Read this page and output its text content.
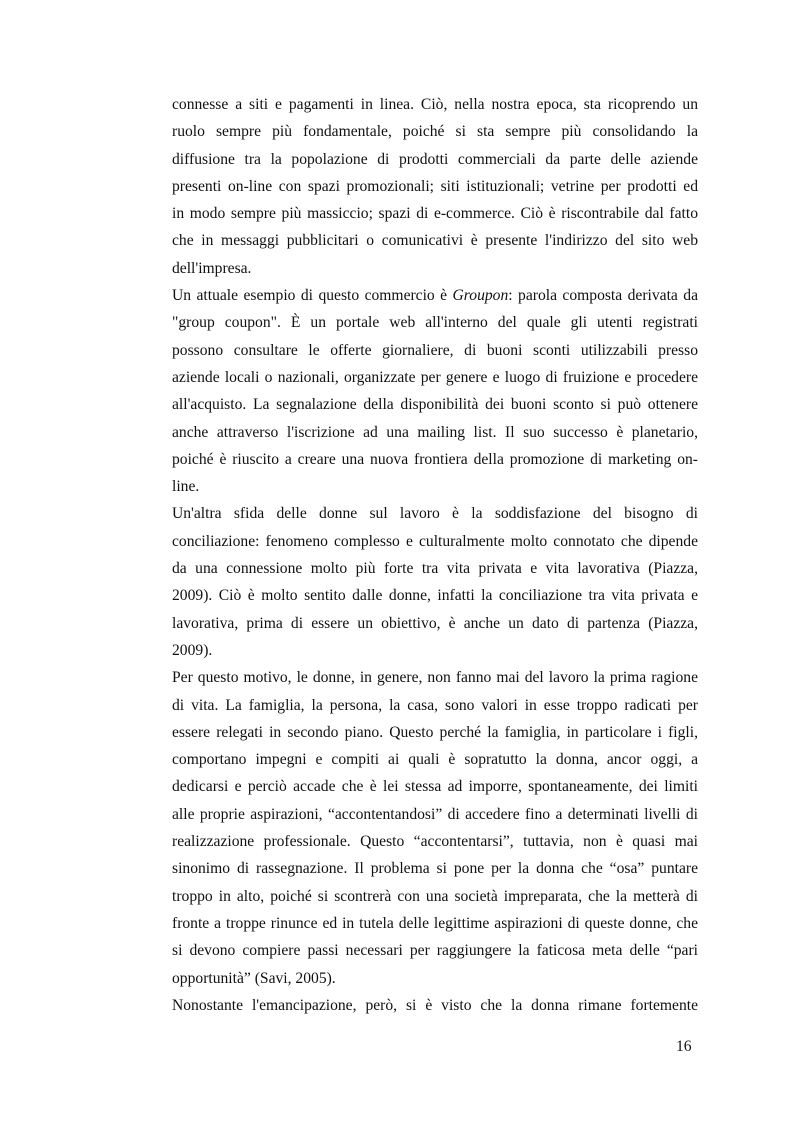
connesse a siti e pagamenti in linea. Ciò, nella nostra epoca, sta ricoprendo un
ruolo sempre più fondamentale, poiché si sta sempre più consolidando la
diffusione tra la popolazione di prodotti commerciali da parte delle aziende
presenti on-line con spazi promozionali; siti istituzionali; vetrine per prodotti ed
in modo sempre più massiccio; spazi di e-commerce. Ciò è riscontrabile dal fatto
che in messaggi pubblicitari o comunicativi è presente l'indirizzo del sito web
dell'impresa.
Un attuale esempio di questo commercio è Groupon: parola composta derivata da
"group coupon". È un portale web all'interno del quale gli utenti registrati
possono consultare le offerte giornaliere, di buoni sconti utilizzabili presso
aziende locali o nazionali, organizzate per genere e luogo di fruizione e procedere
all'acquisto. La segnalazione della disponibilità dei buoni sconto si può ottenere
anche attraverso l'iscrizione ad una mailing list. Il suo successo è planetario,
poiché è riuscito a creare una nuova frontiera della promozione di marketing on-
line.
Un'altra sfida delle donne sul lavoro è la soddisfazione del bisogno di
conciliazione: fenomeno complesso e culturalmente molto connotato che dipende
da una connessione molto più forte tra vita privata e vita lavorativa (Piazza,
2009). Ciò è molto sentito dalle donne, infatti la conciliazione tra vita privata e
lavorativa, prima di essere un obiettivo, è anche un dato di partenza (Piazza,
2009).
Per questo motivo, le donne, in genere, non fanno mai del lavoro la prima ragione
di vita. La famiglia, la persona, la casa, sono valori in esse troppo radicati per
essere relegati in secondo piano. Questo perché la famiglia, in particolare i figli,
comportano impegni e compiti ai quali è sopratutto la donna, ancor oggi, a
dedicarsi e perciò accade che è lei stessa ad imporre, spontaneamente, dei limiti
alle proprie aspirazioni, “accontentandosi” di accedere fino a determinati livelli di
realizzazione professionale. Questo “accontentarsi”, tuttavia, non è quasi mai
sinonimo di rassegnazione. Il problema si pone per la donna che “osa” puntare
troppo in alto, poiché si scontrerà con una società impreparata, che la metterà di
fronte a troppe rinunce ed in tutela delle legittime aspirazioni di queste donne, che
si devono compiere passi necessari per raggiungere la faticosa meta delle “pari
opportunità” (Savi, 2005).
Nonostante l'emancipazione, però, si è visto che la donna rimane fortemente
16
